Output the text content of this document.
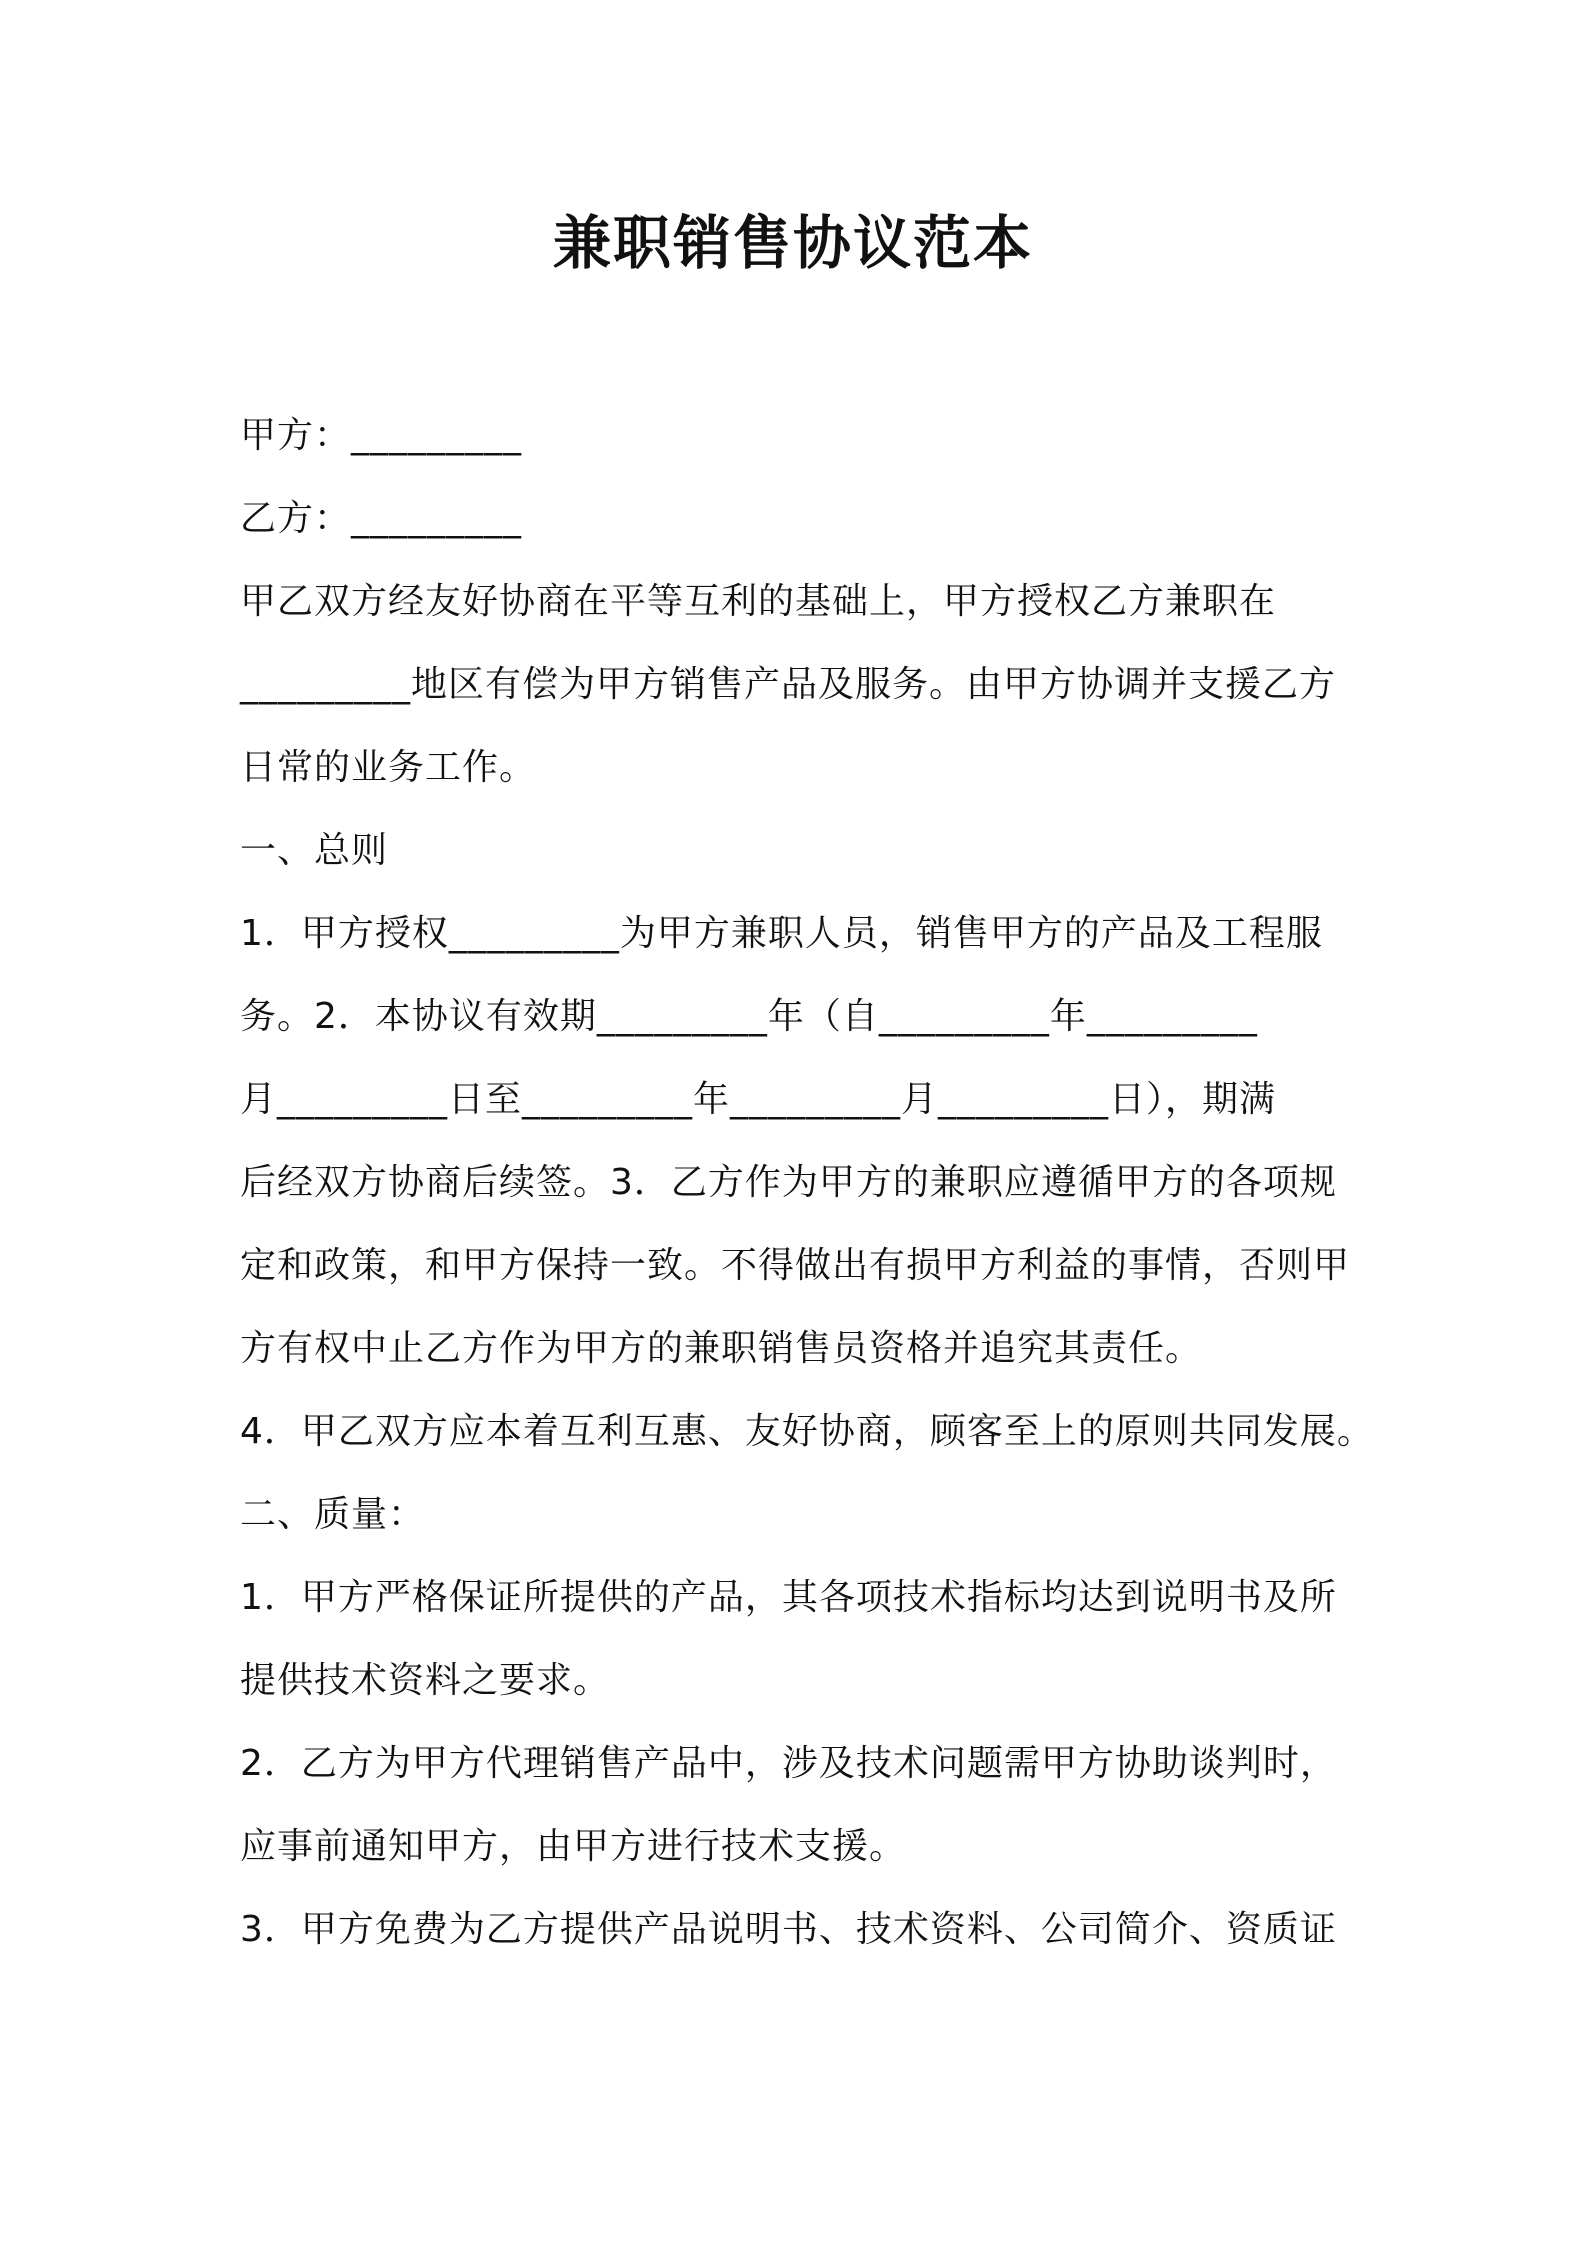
兼职销售协议范本

甲方：_________

乙方：_________

甲乙双方经友好协商在平等互利的基础上，甲方授权乙方兼职在

_________地区有偿为甲方销售产品及服务。由甲方协调并支援乙方

日常的业务工作。

一、总则

1．甲方授权_________为甲方兼职人员，销售甲方的产品及工程服

务。2．本协议有效期_________年（自_________年_________

月_________日至_________年_________月_________日），期满

后经双方协商后续签。3．乙方作为甲方的兼职应遵循甲方的各项规

定和政策，和甲方保持一致。不得做出有损甲方利益的事情，否则甲

方有权中止乙方作为甲方的兼职销售员资格并追究其责任。

4．甲乙双方应本着互利互惠、友好协商，顾客至上的原则共同发展。

二、质量：

1．甲方严格保证所提供的产品，其各项技术指标均达到说明书及所

提供技术资料之要求。

2．乙方为甲方代理销售产品中，涉及技术问题需甲方协助谈判时，

应事前通知甲方，由甲方进行技术支援。

3．甲方免费为乙方提供产品说明书、技术资料、公司简介、资质证
